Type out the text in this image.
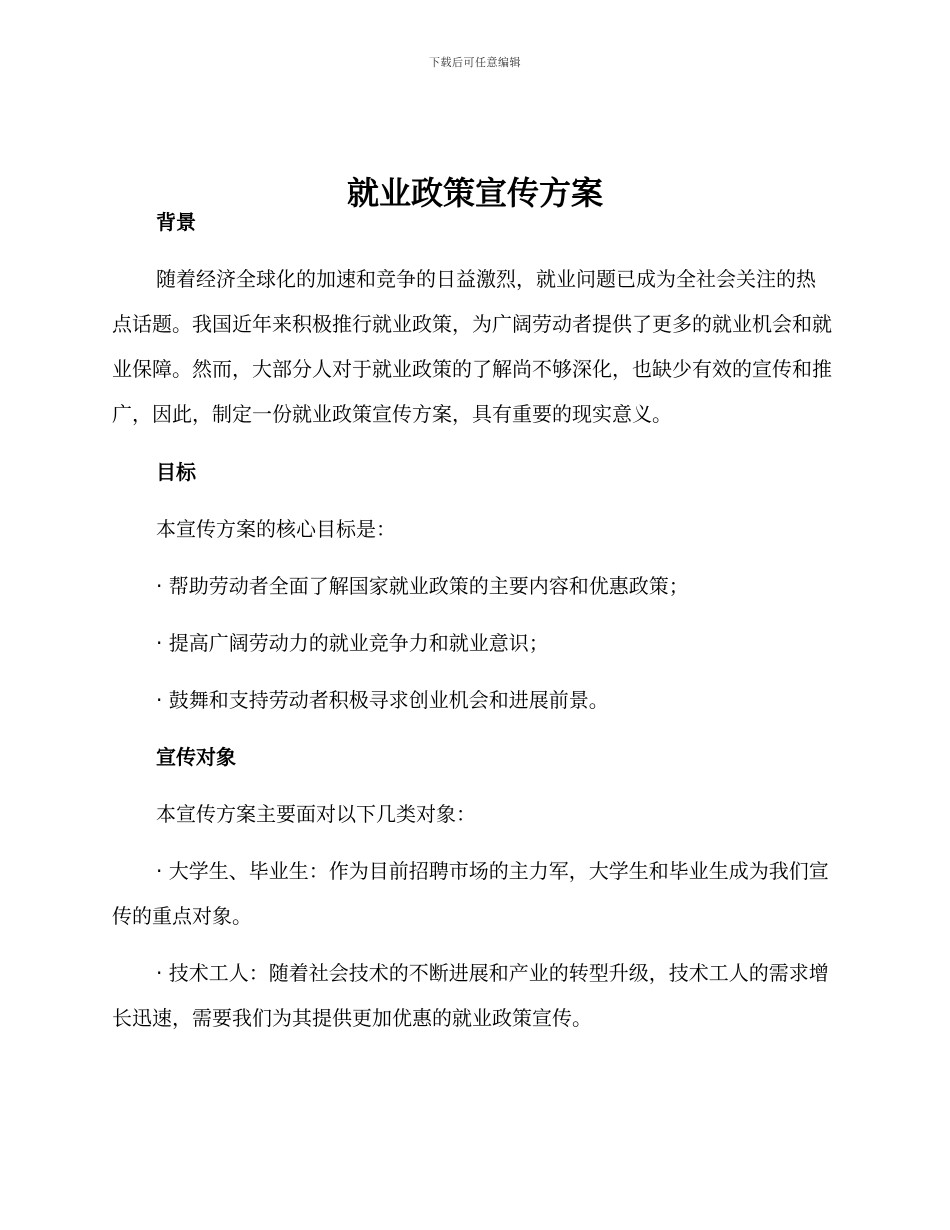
下载后可任意编辑
就业政策宣传方案
背景

随着经济全球化的加速和竞争的日益激烈，就业问题已成为全社会关注的热点话题。我国近年来积极推行就业政策，为广阔劳动者提供了更多的就业机会和就业保障。然而，大部分人对于就业政策的了解尚不够深化，也缺少有效的宣传和推广，因此，制定一份就业政策宣传方案，具有重要的现实意义。

目标

本宣传方案的核心目标是：

· 帮助劳动者全面了解国家就业政策的主要内容和优惠政策；

· 提高广阔劳动力的就业竞争力和就业意识；

· 鼓舞和支持劳动者积极寻求创业机会和进展前景。

宣传对象

本宣传方案主要面对以下几类对象：

· 大学生、毕业生：作为目前招聘市场的主力军，大学生和毕业生成为我们宣传的重点对象。

· 技术工人：随着社会技术的不断进展和产业的转型升级，技术工人的需求增长迅速，需要我们为其提供更加优惠的就业政策宣传。
